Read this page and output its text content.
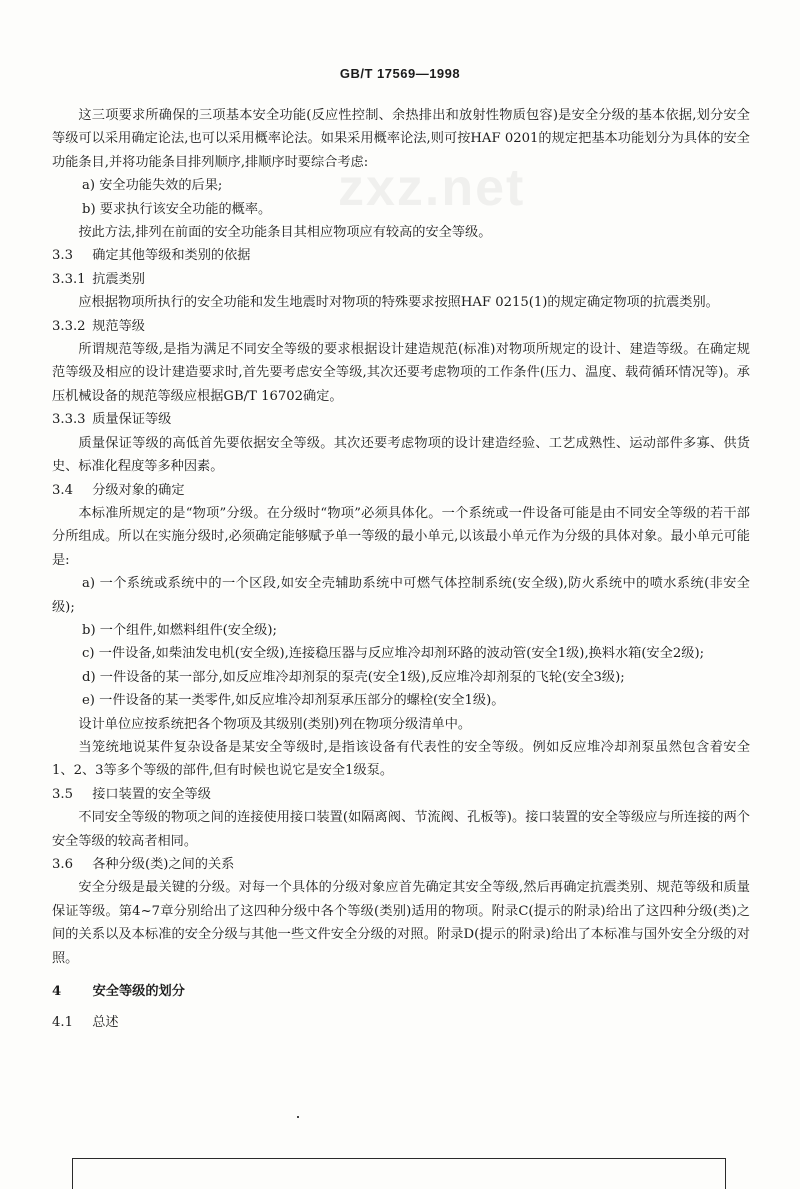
GB/T 17569—1998
zxz.net

这三项要求所确保的三项基本安全功能(反应性控制、余热排出和放射性物质包容)是安全分级的基本依据,划分安全等级可以采用确定论法,也可以采用概率论法。如果采用概率论法,则可按HAF 0201的规定把基本功能划分为具体的安全功能条目,并将功能条目排列顺序,排顺序时要综合考虑:

a) 安全功能失效的后果;

b) 要求执行该安全功能的概率。

按此方法,排列在前面的安全功能条目其相应物项应有较高的安全等级。

3.3 确定其他等级和类别的依据
3.3.1 抗震类别

应根据物项所执行的安全功能和发生地震时对物项的特殊要求按照HAF 0215(1)的规定确定物项的抗震类别。

3.3.2 规范等级

所谓规范等级,是指为满足不同安全等级的要求根据设计建造规范(标准)对物项所规定的设计、建造等级。在确定规范等级及相应的设计建造要求时,首先要考虑安全等级,其次还要考虑物项的工作条件(压力、温度、载荷循环情况等)。承压机械设备的规范等级应根据GB/T 16702确定。

3.3.3 质量保证等级

质量保证等级的高低首先要依据安全等级。其次还要考虑物项的设计建造经验、工艺成熟性、运动部件多寡、供货史、标准化程度等多种因素。

3.4 分级对象的确定

本标准所规定的是“物项”分级。在分级时“物项”必须具体化。一个系统或一件设备可能是由不同安全等级的若干部分所组成。所以在实施分级时,必须确定能够赋予单一等级的最小单元,以该最小单元作为分级的具体对象。最小单元可能是:

a) 一个系统或系统中的一个区段,如安全壳辅助系统中可燃气体控制系统(安全级),防火系统中的喷水系统(非安全级);

b) 一个组件,如燃料组件(安全级);

c) 一件设备,如柴油发电机(安全级),连接稳压器与反应堆冷却剂环路的波动管(安全1级),换料水箱(安全2级);

d) 一件设备的某一部分,如反应堆冷却剂泵的泵壳(安全1级),反应堆冷却剂泵的飞轮(安全3级);

e) 一件设备的某一类零件,如反应堆冷却剂泵承压部分的螺栓(安全1级)。

设计单位应按系统把各个物项及其级别(类别)列在物项分级清单中。

当笼统地说某件复杂设备是某安全等级时,是指该设备有代表性的安全等级。例如反应堆冷却剂泵虽然包含着安全1、2、3等多个等级的部件,但有时候也说它是安全1级泵。

3.5 接口装置的安全等级

不同安全等级的物项之间的连接使用接口装置(如隔离阀、节流阀、孔板等)。接口装置的安全等级应与所连接的两个安全等级的较高者相同。

3.6 各种分级(类)之间的关系

安全分级是最关键的分级。对每一个具体的分级对象应首先确定其安全等级,然后再确定抗震类别、规范等级和质量保证等级。第4~7章分别给出了这四种分级中各个等级(类别)适用的物项。附录C(提示的附录)给出了这四种分级(类)之间的关系以及本标准的安全分级与其他一些文件安全分级的对照。附录D(提示的附录)给出了本标准与国外安全分级的对照。

4 安全等级的划分
4.1 总述
